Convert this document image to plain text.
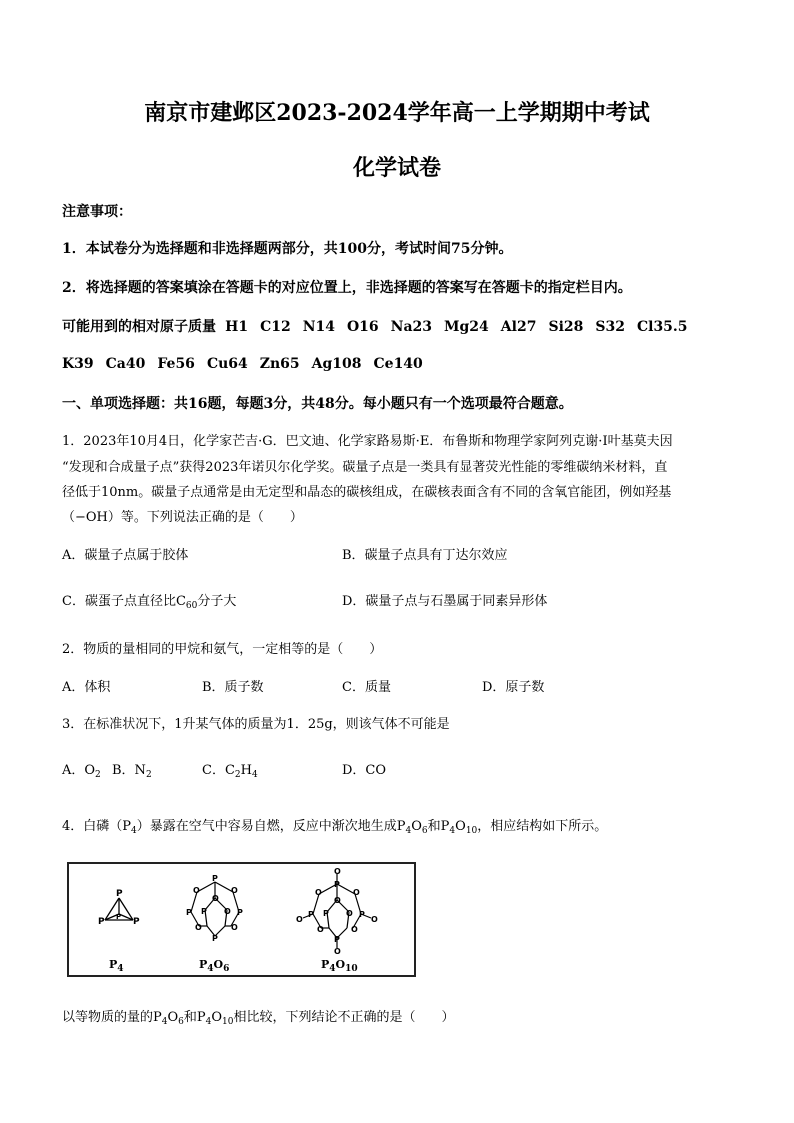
南京市建邺区2023-2024学年高一上学期期中考试
化学试卷
注意事项：
1．本试卷分为选择题和非选择题两部分，共100分，考试时间75分钟。
2．将选择题的答案填涂在答题卡的对应位置上，非选择题的答案写在答题卡的指定栏目内。
可能用到的相对原子质量 H1 C12 N14 O16 Na23 Mg24 Al27 Si28 S32 Cl35.5
K39 Ca40 Fe56 Cu64 Zn65 Ag108 Ce140
一、单项选择题：共16题，每题3分，共48分。每小题只有一个选项最符合题意。
1．2023年10月4日，化学家芒吉·G．巴文迪、化学家路易斯·E．布鲁斯和物理学家阿列克谢·I叶基莫夫因
“发现和合成量子点”获得2023年诺贝尔化学奖。碳量子点是一类具有显著荧光性能的零维碳纳米材料，直
径低于10nm。碳量子点通常是由无定型和晶态的碳核组成，在碳核表面含有不同的含氧官能团，例如羟基
（−OH）等。下列说法正确的是（　　）
A．碳量子点属于胶体	B．碳量子点具有丁达尔效应
C．碳蛋子点直径比$C_{60}$分子大	D．碳量子点与石墨属于同素异形体
2．物质的量相同的甲烷和氨气，一定相等的是（　　）
A．体积	B．质子数	C．质量	D．原子数
3．在标准状况下，1升某气体的质量为1．25g，则该气体不可能是
A．$O_2$ B．$N_2$	C．$C_2H_4$	D．CO
4．白磷$(P_4)$暴露在空气中容易自燃，反应中渐次地生成$P_4O_6$和$P_4O_{10}$，相应结构如下所示。
P
P	P
P
$P_4$
P
O	O
O
P	P
P O
O	O
P
$P_4O_6$
O
P
O	O
O
O	O
P	P
P O
O	O
P
O
$P_4O_{10}$
以等物质的量的$P_4O_6$和$P_4O_{10}$相比较，下列结论不正确的是（　　）
